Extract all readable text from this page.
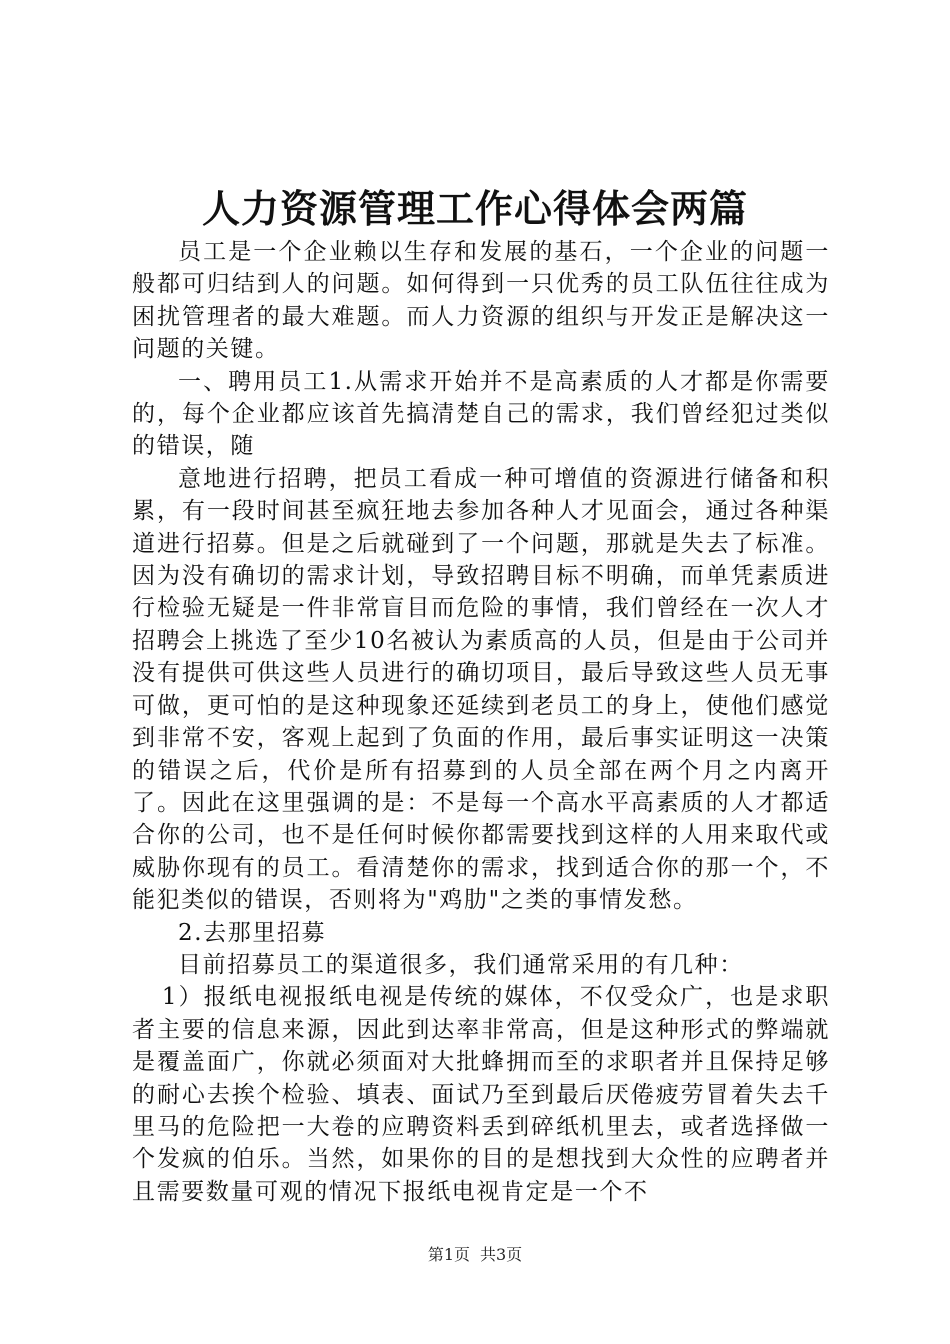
人力资源管理工作心得体会两篇

员工是一个企业赖以生存和发展的基石，一个企业的问题一般都可归结到人的问题。如何得到一只优秀的员工队伍往往成为困扰管理者的最大难题。而人力资源的组织与开发正是解决这一问题的关键。

一、聘用员工1.从需求开始并不是高素质的人才都是你需要的，每个企业都应该首先搞清楚自己的需求，我们曾经犯过类似的错误，随

意地进行招聘，把员工看成一种可增值的资源进行储备和积累，有一段时间甚至疯狂地去参加各种人才见面会，通过各种渠道进行招募。但是之后就碰到了一个问题，那就是失去了标准。因为没有确切的需求计划，导致招聘目标不明确，而单凭素质进行检验无疑是一件非常盲目而危险的事情，我们曾经在一次人才招聘会上挑选了至少10名被认为素质高的人员，但是由于公司并没有提供可供这些人员进行的确切项目，最后导致这些人员无事可做，更可怕的是这种现象还延续到老员工的身上，使他们感觉到非常不安，客观上起到了负面的作用，最后事实证明这一决策的错误之后，代价是所有招募到的人员全部在两个月之内离开了。因此在这里强调的是：不是每一个高水平高素质的人才都适合你的公司，也不是任何时候你都需要找到这样的人用来取代或威胁你现有的员工。看清楚你的需求，找到适合你的那一个，不能犯类似的错误，否则将为"鸡肋"之类的事情发愁。

2.去那里招募

目前招募员工的渠道很多，我们通常采用的有几种：

1）报纸电视报纸电视是传统的媒体，不仅受众广，也是求职者主要的信息来源，因此到达率非常高，但是这种形式的弊端就是覆盖面广，你就必须面对大批蜂拥而至的求职者并且保持足够的耐心去挨个检验、填表、面试乃至到最后厌倦疲劳冒着失去千里马的危险把一大卷的应聘资料丢到碎纸机里去，或者选择做一个发疯的伯乐。当然，如果你的目的是想找到大众性的应聘者并且需要数量可观的情况下报纸电视肯定是一个不

第1页 共3页
